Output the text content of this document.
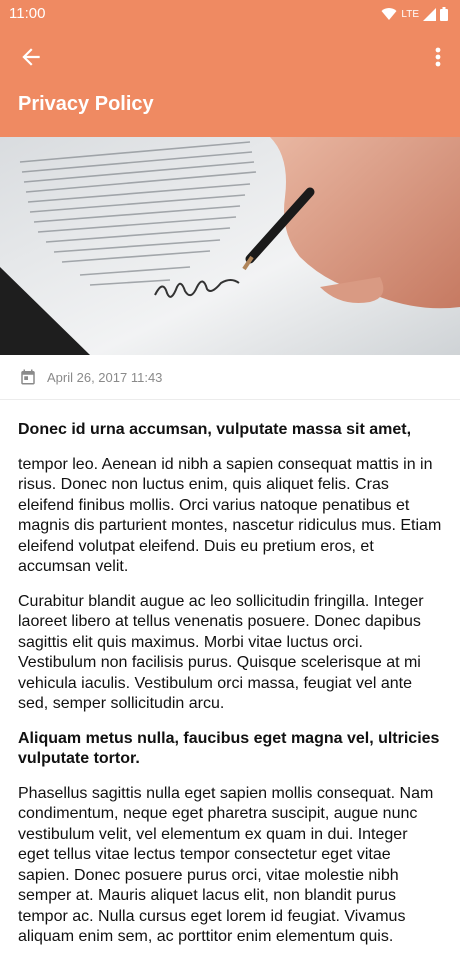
11:00	LTE
Privacy Policy
April 26, 2017 11:43
Donec id urna accumsan, vulputate massa sit amet,

tempor leo. Aenean id nibh a sapien consequat mattis in in risus. Donec non luctus enim, quis aliquet felis. Cras eleifend finibus mollis. Orci varius natoque penatibus et magnis dis parturient montes, nascetur ridiculus mus. Etiam eleifend volutpat eleifend. Duis eu pretium eros, et accumsan velit.

Curabitur blandit augue ac leo sollicitudin fringilla. Integer laoreet libero at tellus venenatis posuere. Donec dapibus sagittis elit quis maximus. Morbi vitae luctus orci. Vestibulum non facilisis purus. Quisque scelerisque at mi vehicula iaculis. Vestibulum orci massa, feugiat vel ante sed, semper sollicitudin arcu.

Aliquam metus nulla, faucibus eget magna vel, ultricies vulputate tortor.

Phasellus sagittis nulla eget sapien mollis consequat. Nam condimentum, neque eget pharetra suscipit, augue nunc vestibulum velit, vel elementum ex quam in dui. Integer eget tellus vitae lectus tempor consectetur eget vitae sapien. Donec posuere purus orci, vitae molestie nibh semper at. Mauris aliquet lacus elit, non blandit purus tempor ac. Nulla cursus eget lorem id feugiat. Vivamus aliquam enim sem, ac porttitor enim elementum quis.
